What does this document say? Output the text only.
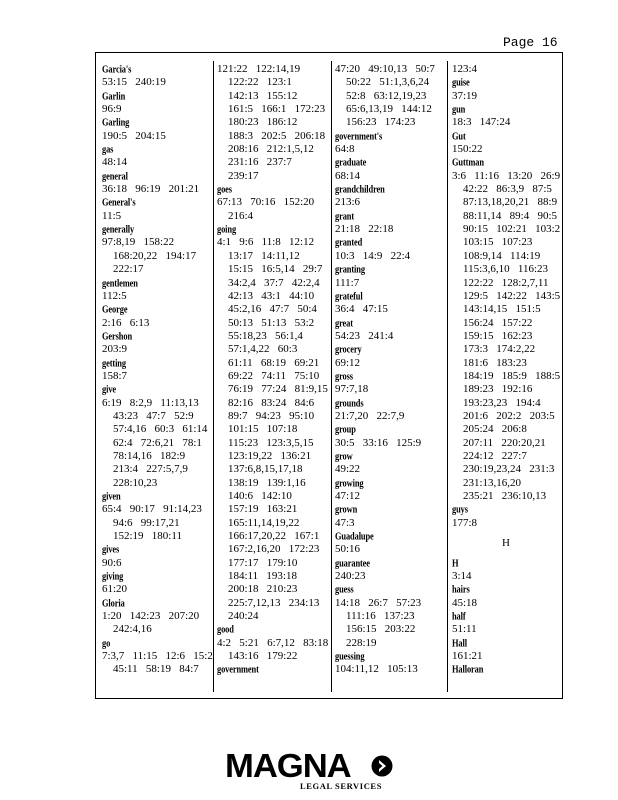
Page 16
Garcia's
53:15   240:19
Garlin
96:9
Garling
190:5   204:15
gas
48:14
general
36:18   96:19   201:21
General's
11:5
generally
97:8,19   158:22
168:20,22   194:17
222:17
gentlemen
112:5
George
2:16   6:13
Gershon
203:9
getting
158:7
give
6:19   8:2,9   11:13,13
43:23   47:7   52:9
57:4,16   60:3   61:14
62:4   72:6,21   78:1
78:14,16   182:9
213:4   227:5,7,9
228:10,23
given
65:4   90:17   91:14,23
94:6   99:17,21
152:19   180:11
gives
90:6
giving
61:20
Gloria
1:20   142:23   207:20
242:4,16
go
7:3,7   11:15   12:6   15:2
45:11   58:19   84:7
121:22   122:14,19
122:22   123:1
142:13   155:12
161:5   166:1   172:23
180:23   186:12
188:3   202:5   206:18
208:16   212:1,5,12
231:16   237:7
239:17
goes
67:13   70:16   152:20
216:4
going
4:1   9:6   11:8   12:12
13:17   14:11,12
15:15   16:5,14   29:7
34:2,4   37:7   42:2,4
42:13   43:1   44:10
45:2,16   47:7   50:4
50:13   51:13   53:2
55:18,23   56:1,4
57:1,4,22   60:3
61:11   68:19   69:21
69:22   74:11   75:10
76:19   77:24   81:9,15
82:16   83:24   84:6
89:7   94:23   95:10
101:15   107:18
115:23   123:3,5,15
123:19,22   136:21
137:6,8,15,17,18
138:19   139:1,16
140:6   142:10
157:19   163:21
165:11,14,19,22
166:17,20,22   167:1
167:2,16,20   172:23
177:17   179:10
184:11   193:18
200:18   210:23
225:7,12,13   234:13
240:24
good
4:2   5:21   6:7,12   83:18
143:16   179:22
government
47:20   49:10,13   50:7
50:22   51:1,3,6,24
52:8   63:12,19,23
65:6,13,19   144:12
156:23   174:23
government's
64:8
graduate
68:14
grandchildren
213:6
grant
21:18   22:18
granted
10:3   14:9   22:4
granting
111:7
grateful
36:4   47:15
great
54:23   241:4
grocery
69:12
gross
97:7,18
grounds
21:7,20   22:7,9
group
30:5   33:16   125:9
grow
49:22
growing
47:12
grown
47:3
Guadalupe
50:16
guarantee
240:23
guess
14:18   26:7   57:23
111:16   137:23
156:15   203:22
228:19
guessing
104:11,12   105:13
123:4
guise
37:19
gun
18:3   147:24
Gut
150:22
Guttman
3:6   11:16   13:20   26:9
42:22   86:3,9   87:5
87:13,18,20,21   88:9
88:11,14   89:4   90:5
90:15   102:21   103:2
103:15   107:23
108:9,14   114:19
115:3,6,10   116:23
122:22   128:2,7,11
129:5   142:22   143:5
143:14,15   151:5
156:24   157:22
159:15   162:23
173:3   174:2,22
181:6   183:23
184:19   185:9   188:5
189:23   192:16
193:23,23   194:4
201:6   202:2   203:5
205:24   206:8
207:11   220:20,21
224:12   227:7
230:19,23,24   231:3
231:13,16,20
235:21   236:10,13
guys
177:8
H
H
3:14
hairs
45:18
half
51:11
Hall
161:21
Halloran
MAGNA
LEGAL SERVICES
